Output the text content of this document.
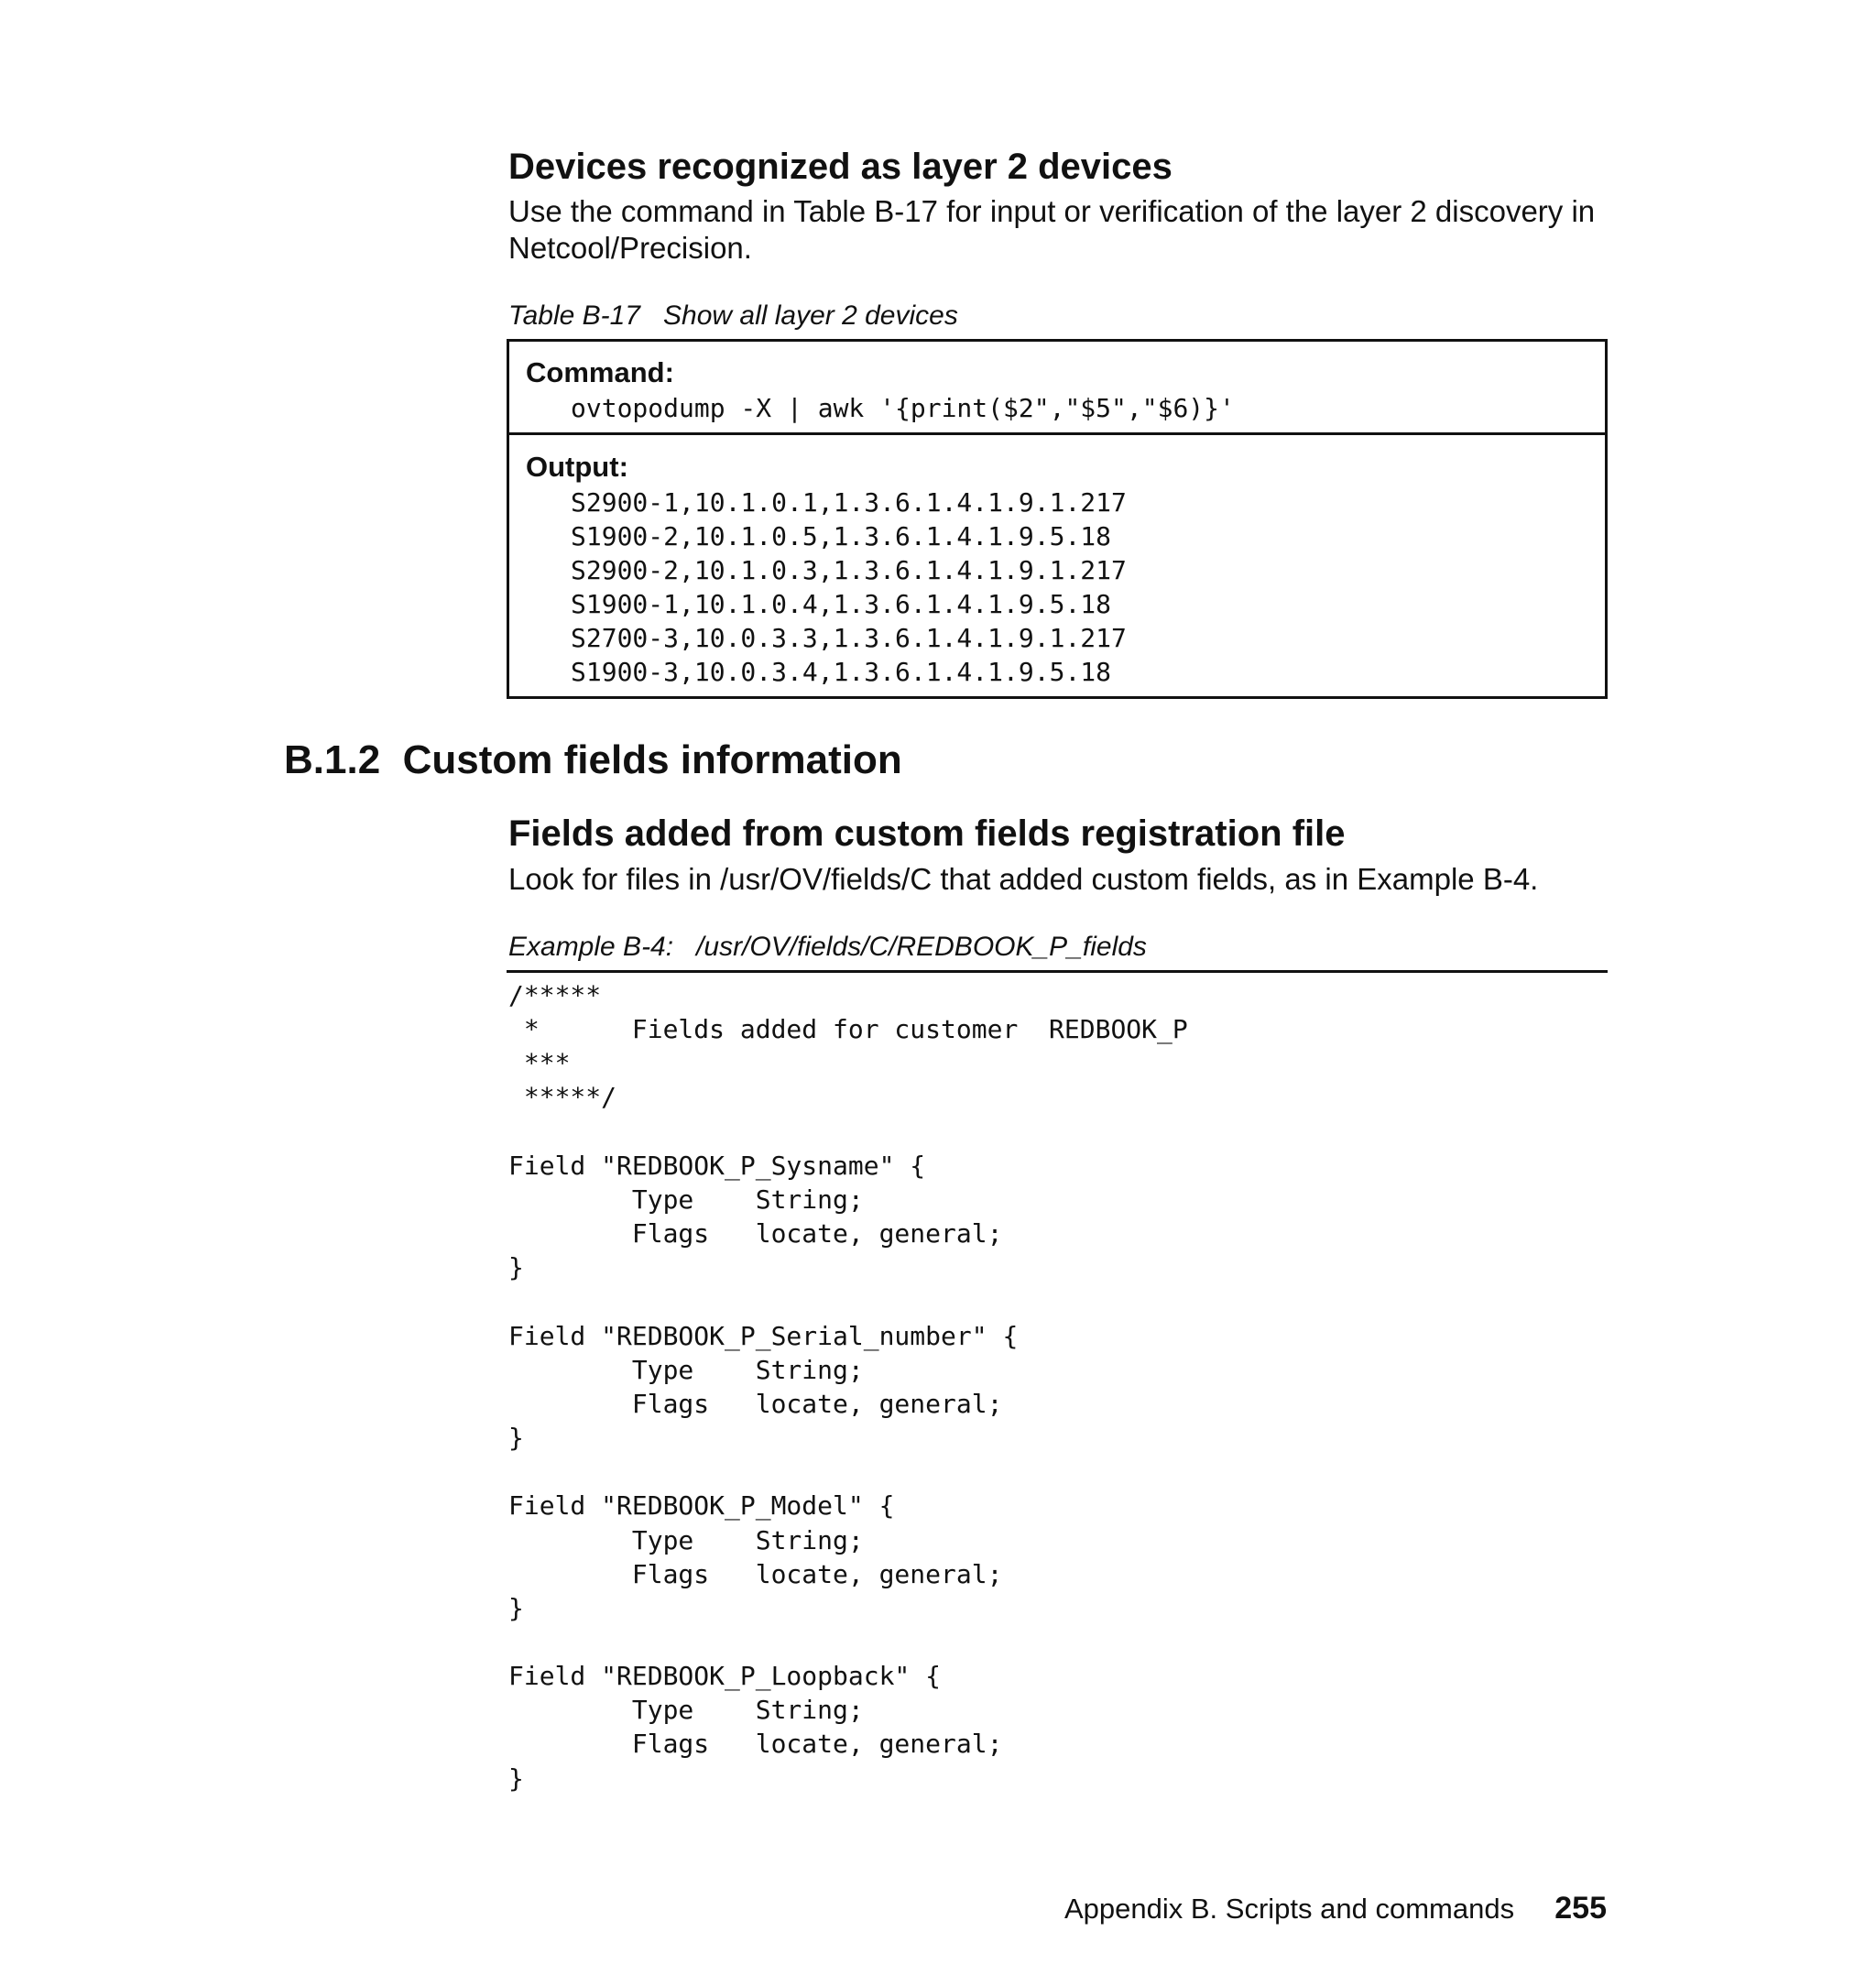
Devices recognized as layer 2 devices

Use the command in Table B-17 for input or verification of the layer 2 discovery in Netcool/Precision.

Table B-17   Show all layer 2 devices
Command:
ovtopodump -X | awk '{print($2","$5","$6)}'
Output:
S2900-1,10.1.0.1,1.3.6.1.4.1.9.1.217
S1900-2,10.1.0.5,1.3.6.1.4.1.9.5.18
S2900-2,10.1.0.3,1.3.6.1.4.1.9.1.217
S1900-1,10.1.0.4,1.3.6.1.4.1.9.5.18
S2700-3,10.0.3.3,1.3.6.1.4.1.9.1.217
S1900-3,10.0.3.4,1.3.6.1.4.1.9.5.18
B.1.2  Custom fields information
Fields added from custom fields registration file

Look for files in /usr/OV/fields/C that added custom fields, as in Example B-4.

Example B-4:   /usr/OV/fields/C/REDBOOK_P_fields
/*****
*      Fields added for customer  REDBOOK_P
***
*****/

Field "REDBOOK_P_Sysname" {
Type    String;
Flags   locate, general;
}

Field "REDBOOK_P_Serial_number" {
Type    String;
Flags   locate, general;
}

Field "REDBOOK_P_Model" {
Type    String;
Flags   locate, general;
}

Field "REDBOOK_P_Loopback" {
Type    String;
Flags   locate, general;
}
Appendix B. Scripts and commands 255
